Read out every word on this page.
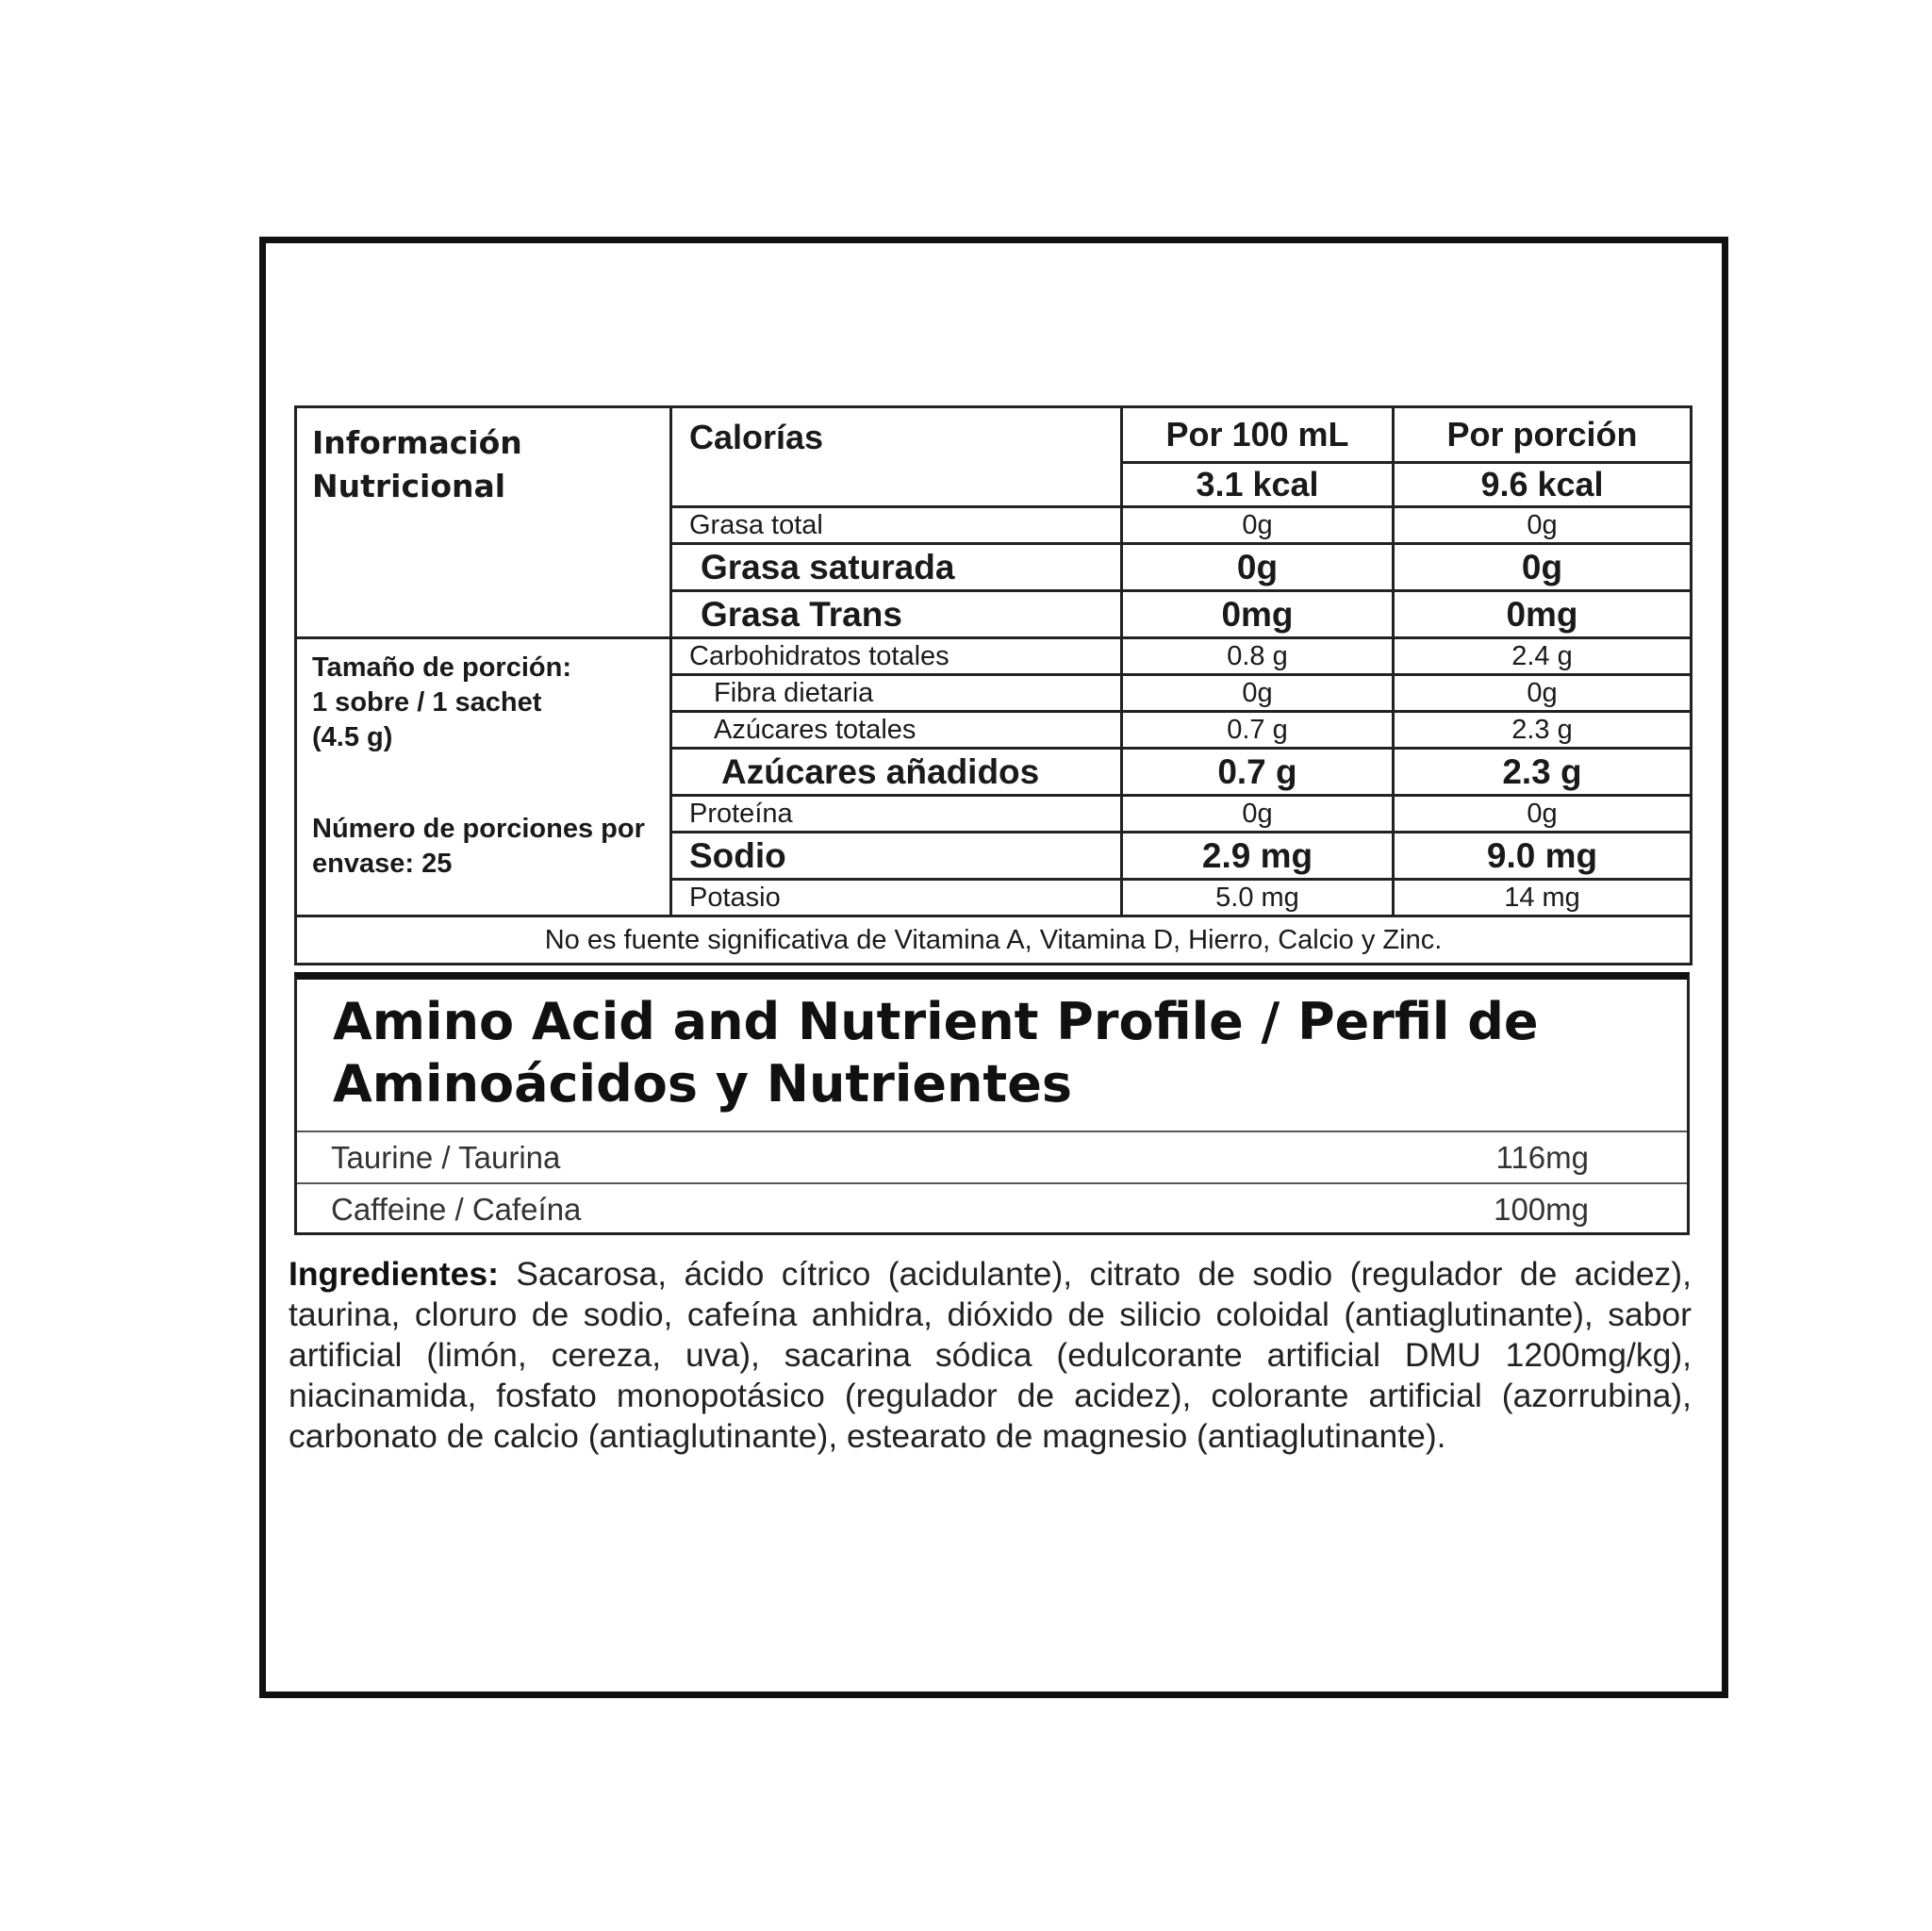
Información
Nutricional	Calorías	Por 100 mL	Por porción
		3.1 kcal	9.6 kcal
	Grasa total	0g	0g
	Grasa saturada	0g	0g
	Grasa Trans	0mg	0mg

Tamaño de porción:
1 sobre / 1 sachet
(4.5 g)
Número de porciones por
envase: 25	Carbohidratos totales	0.8 g	2.4 g
	Fibra dietaria	0g	0g
	Azúcares totales	0.7 g	2.3 g
	Azúcares añadidos	0.7 g	2.3 g
	Proteína	0g	0g
	Sodio	2.9 mg	9.0 mg
	Potasio	5.0 mg	14 mg
No es fuente significativa de Vitamina A, Vitamina D, Hierro, Calcio y Zinc.			
Amino Acid and Nutrient Profile / Perfil de Aminoácidos y Nutrientes
Taurine / Taurina	116mg
Caffeine / Cafeína	100mg
Ingredientes: Sacarosa, ácido cítrico (acidulante), citrato de sodio (regulador de acidez), taurina, cloruro de sodio, cafeína anhidra, dióxido de silicio coloidal (antiaglutinante), sabor artificial (limón, cereza, uva), sacarina sódica (edulcorante artificial DMU 1200mg/kg), niacinamida, fosfato monopotásico (regulador de acidez), colorante artificial (azorrubina), carbonato de calcio (antiaglutinante), estearato de magnesio (antiaglutinante).
